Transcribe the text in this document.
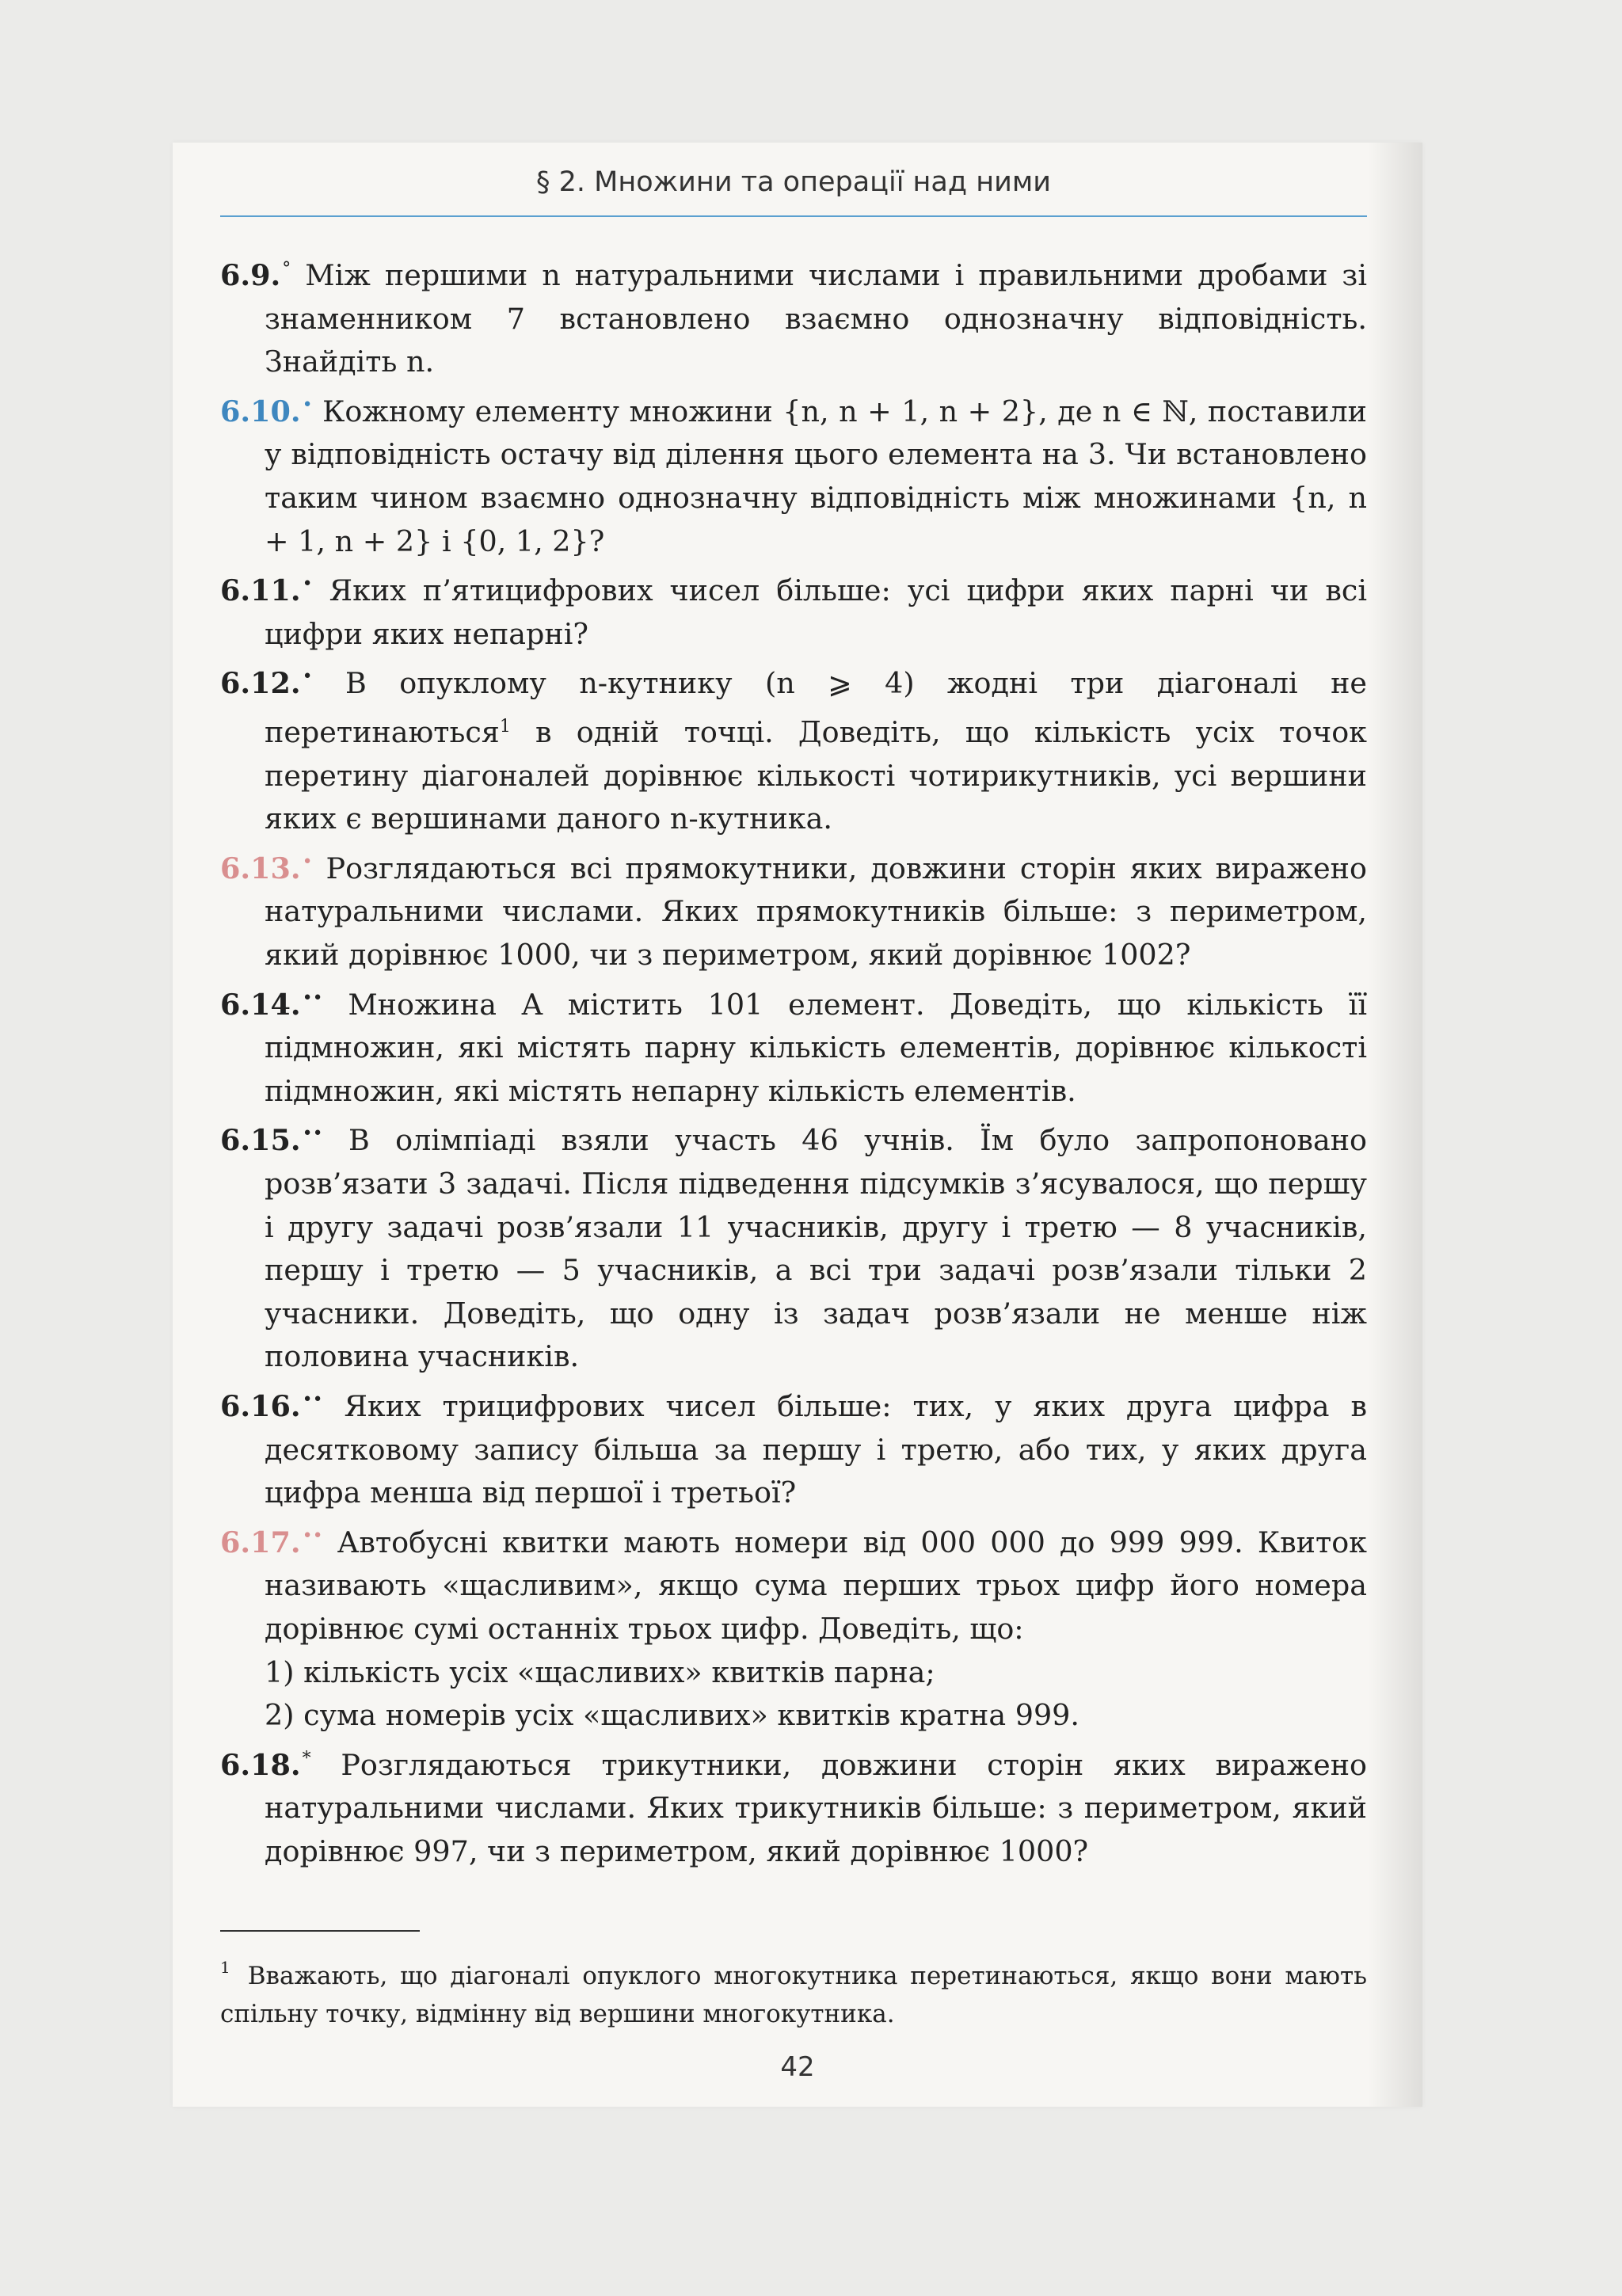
§ 2. Множини та операції над ними

6.9.° Між першими n натуральними числами і правильними дробами зі знаменником 7 встановлено взаємно однозначну відповідність. Знайдіть n.

6.10.• Кожному елементу множини {n, n + 1, n + 2}, де n ∈ ℕ, поставили у відповідність остачу від ділення цього елемента на 3. Чи встановлено таким чином взаємно однозначну відповідність між множинами {n, n + 1, n + 2} і {0, 1, 2}?

6.11.• Яких п’ятицифрових чисел більше: усі цифри яких парні чи всі цифри яких непарні?

6.12.• В опуклому n-кутнику (n ⩾ 4) жодні три діагоналі не перетинаються$^1$ в одній точці. Доведіть, що кількість усіх точок перетину діагоналей дорівнює кількості чотирикутників, усі вершини яких є вершинами даного n-кутника.

6.13.• Розглядаються всі прямокутники, довжини сторін яких виражено натуральними числами. Яких прямокутників більше: з периметром, який дорівнює 1000, чи з периметром, який дорівнює 1002?

6.14.•• Множина A містить 101 елемент. Доведіть, що кількість її підмножин, які містять парну кількість елементів, дорівнює кількості підмножин, які містять непарну кількість елементів.

6.15.•• В олімпіаді взяли участь 46 учнів. Їм було запропоновано розв’язати 3 задачі. Після підведення підсумків з’ясувалося, що першу і другу задачі розв’язали 11 учасників, другу і третю — 8 учасників, першу і третю — 5 учасників, а всі три задачі розв’язали тільки 2 учасники. Доведіть, що одну із задач розв’язали не менше ніж половина учасників.

6.16.•• Яких трицифрових чисел більше: тих, у яких друга цифра в десятковому запису більша за першу і третю, або тих, у яких друга цифра менша від першої і третьої?

6.17.•• Автобусні квитки мають номери від 000 000 до 999 999. Квиток називають «щасливим», якщо сума перших трьох цифр його номера дорівнює сумі останніх трьох цифр. Доведіть, що:
1) кількість усіх «щасливих» квитків парна;
2) сума номерів усіх «щасливих» квитків кратна 999.

6.18.* Розглядаються трикутники, довжини сторін яких виражено натуральними числами. Яких трикутників більше: з периметром, який дорівнює 997, чи з периметром, який дорівнює 1000?

$^1$ Вважають, що діагоналі опуклого многокутника перетинаються, якщо вони мають спільну точку, відмінну від вершини многокутника.
42
